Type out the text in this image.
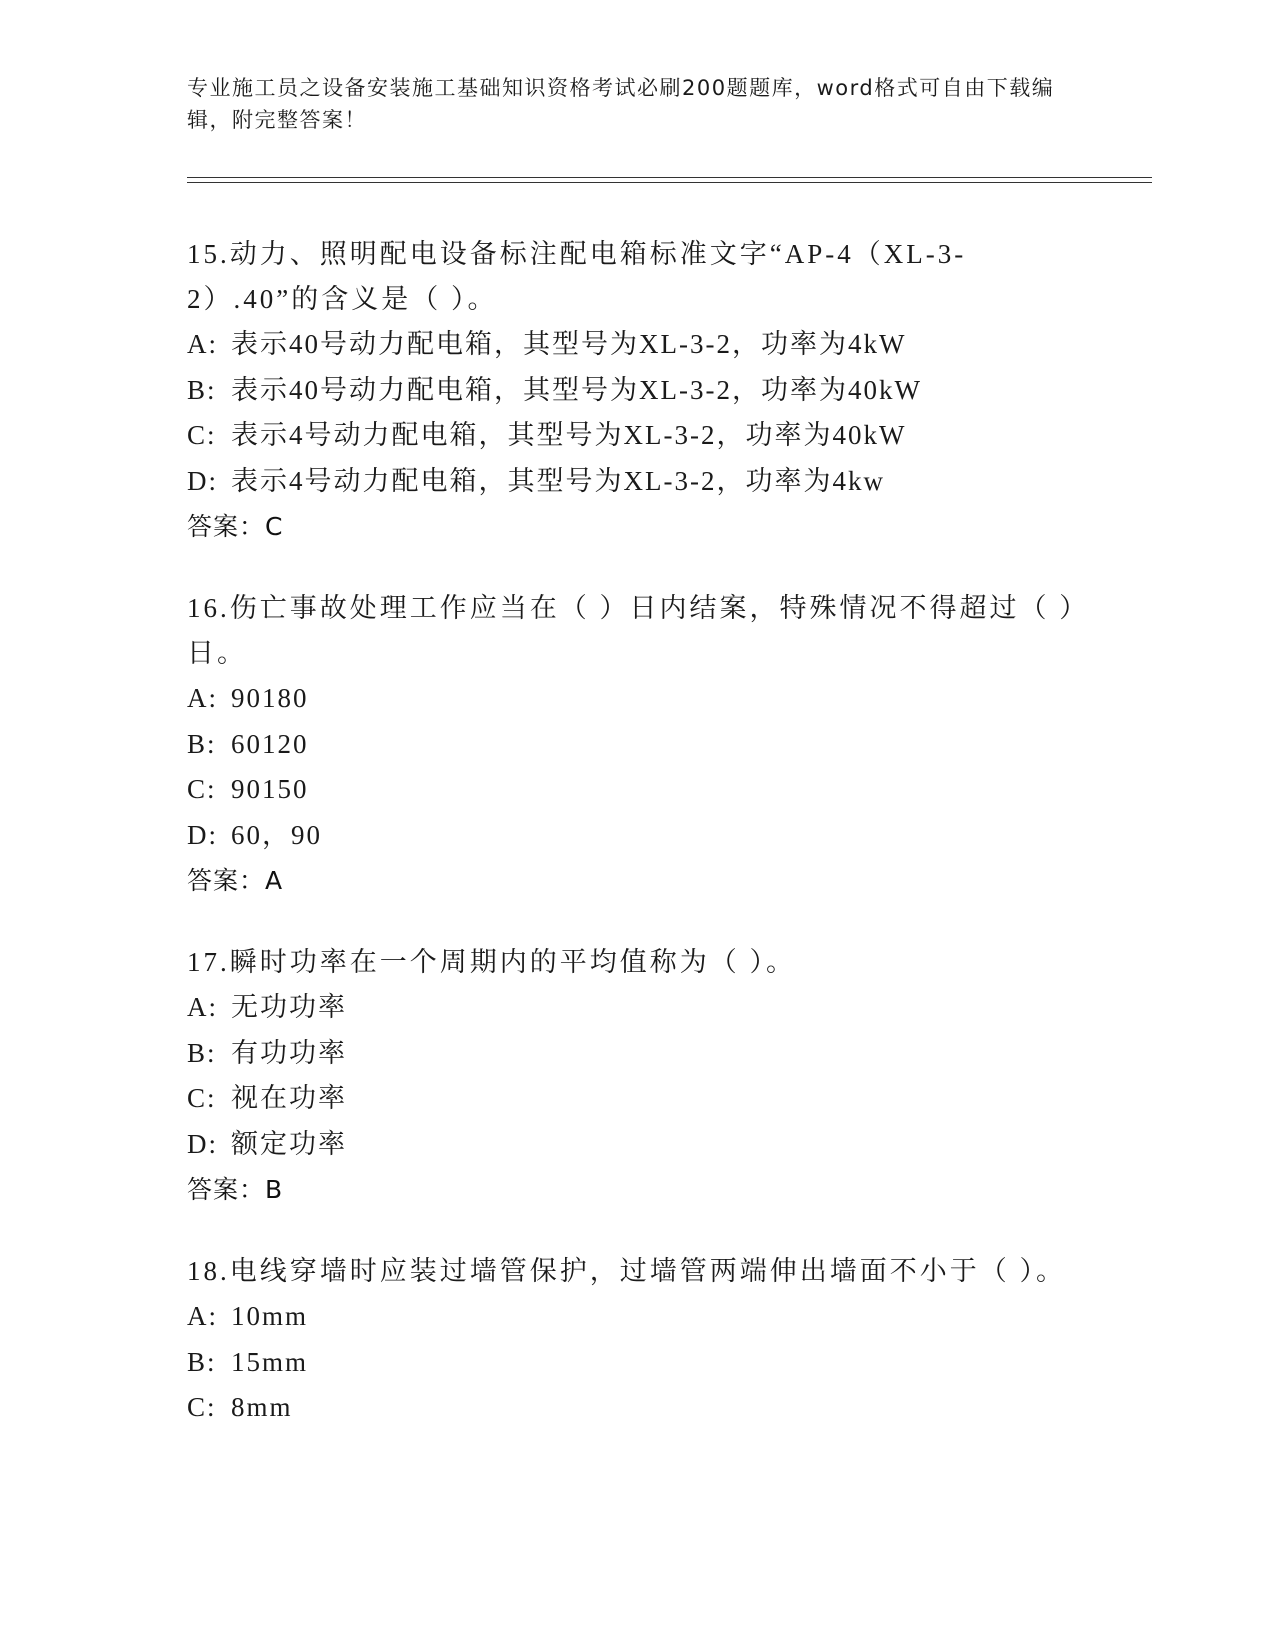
专业施工员之设备安装施工基础知识资格考试必刷200题题库，word格式可自由下载编辑，附完整答案！
15.动力、照明配电设备标注配电箱标准文字“AP-4（XL-3-2）.40”的含义是（ ）。
A: 表示40号动力配电箱，其型号为XL-3-2，功率为4kW
B: 表示40号动力配电箱，其型号为XL-3-2，功率为40kW
C: 表示4号动力配电箱，其型号为XL-3-2，功率为40kW
D: 表示4号动力配电箱，其型号为XL-3-2，功率为4kw
答案：C
16.伤亡事故处理工作应当在（ ）日内结案，特殊情况不得超过（ ）日。
A: 90180
B: 60120
C: 90150
D: 60，90
答案：A
17.瞬时功率在一个周期内的平均值称为（ ）。
A: 无功功率
B: 有功功率
C: 视在功率
D: 额定功率
答案：B
18.电线穿墙时应装过墙管保护，过墙管两端伸出墙面不小于（ ）。
A: 10mm
B: 15mm
C: 8mm
